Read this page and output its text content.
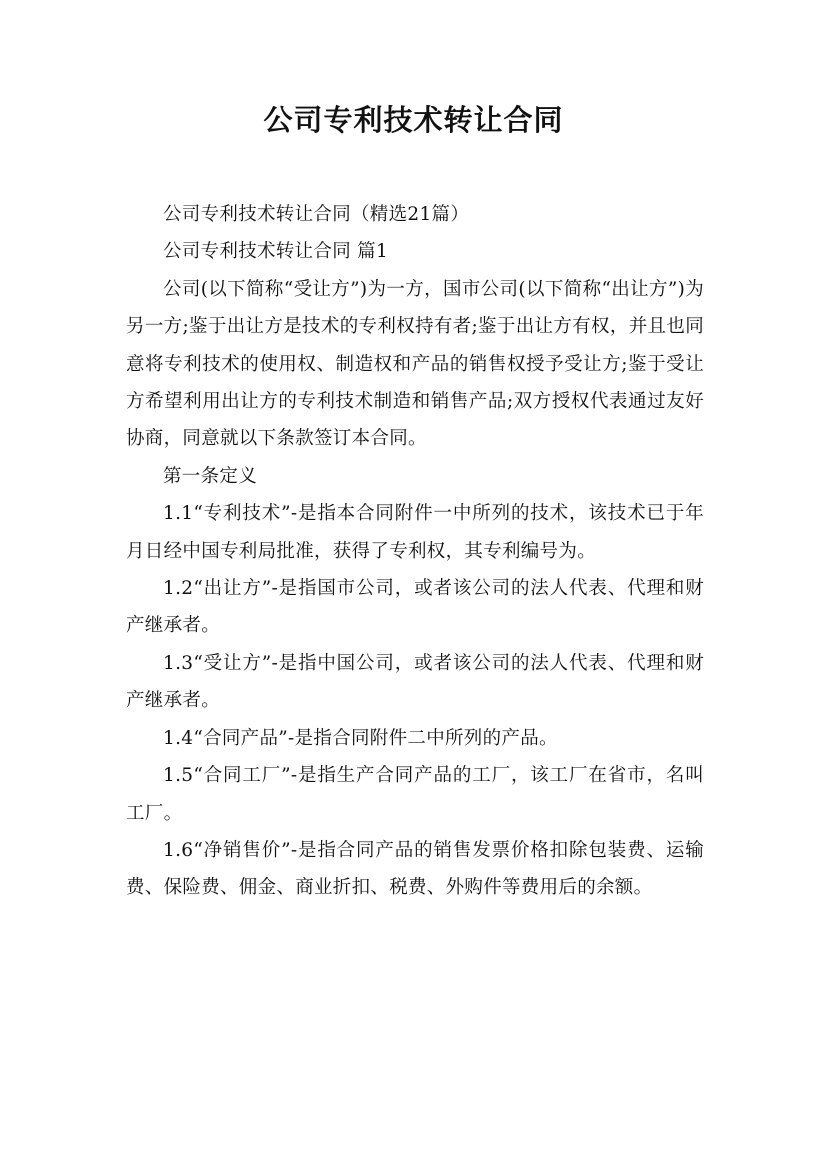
公司专利技术转让合同

公司专利技术转让合同（精选21篇）

公司专利技术转让合同 篇1

公司(以下简称“受让方”)为一方，国市公司(以下简称“出让方”)为另一方;鉴于出让方是技术的专利权持有者;鉴于出让方有权，并且也同意将专利技术的使用权、制造权和产品的销售权授予受让方;鉴于受让方希望利用出让方的专利技术制造和销售产品;双方授权代表通过友好协商，同意就以下条款签订本合同。

第一条定义

1.1“专利技术”-是指本合同附件一中所列的技术，该技术已于年月日经中国专利局批准，获得了专利权，其专利编号为。

1.2“出让方”-是指国市公司，或者该公司的法人代表、代理和财产继承者。

1.3“受让方”-是指中国公司，或者该公司的法人代表、代理和财产继承者。

1.4“合同产品”-是指合同附件二中所列的产品。

1.5“合同工厂”-是指生产合同产品的工厂，该工厂在省市，名叫工厂。

1.6“净销售价”-是指合同产品的销售发票价格扣除包装费、运输费、保险费、佣金、商业折扣、税费、外购件等费用后的余额。
